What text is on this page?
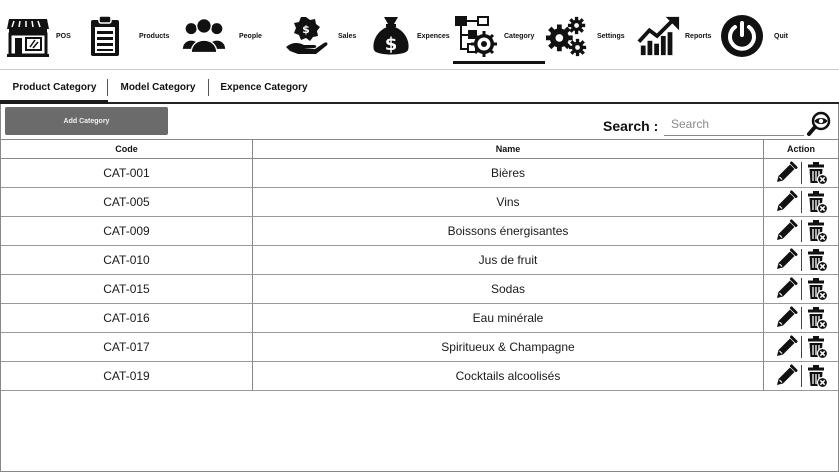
POS	Products	People	$	Sales $	Expences	Category	Settings	Reports	Quit
Product Category	Model Category	Expence Category
Add Category	Search :
Search
Code	Name	Action
CAT-001	Bières
CAT-005	Vins
CAT-009	Boissons énergisantes
CAT-010	Jus de fruit
CAT-015	Sodas
CAT-016	Eau minérale
CAT-017	Spiritueux & Champagne
CAT-019	Cocktails alcoolisés
